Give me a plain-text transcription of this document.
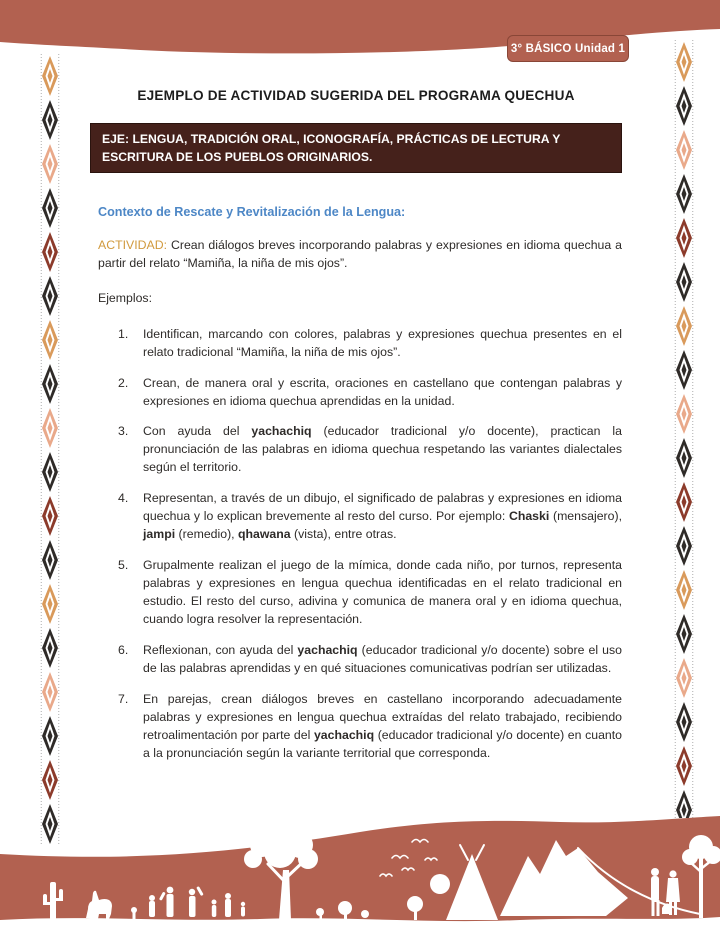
3° BÁSICO Unidad 1
EJEMPLO DE ACTIVIDAD SUGERIDA DEL PROGRAMA QUECHUA
EJE: LENGUA, TRADICIÓN ORAL, ICONOGRAFÍA, PRÁCTICAS DE LECTURA Y ESCRITURA DE LOS PUEBLOS ORIGINARIOS.
Contexto de Rescate y Revitalización de la Lengua:

ACTIVIDAD: Crean diálogos breves incorporando palabras y expresiones en idioma quechua a partir del relato “Mamiña, la niña de mis ojos”.

Ejemplos:

1.	Identifican, marcando con colores, palabras y expresiones quechua presentes en el relato tradicional “Mamiña, la niña de mis ojos”.
2.	Crean, de manera oral y escrita, oraciones en castellano que contengan palabras y expresiones en idioma quechua aprendidas en la unidad.
3.	Con ayuda del yachachiq (educador tradicional y/o docente), practican la pronunciación de las palabras en idioma quechua respetando las variantes dialectales según el territorio.
4.	Representan, a través de un dibujo, el significado de palabras y expresiones en idioma quechua y lo explican brevemente al resto del curso. Por ejemplo: Chaski (mensajero), jampi (remedio), qhawana (vista), entre otras.
5.	Grupalmente realizan el juego de la mímica, donde cada niño, por turnos, representa palabras y expresiones en lengua quechua identificadas en el relato tradicional en estudio. El resto del curso, adivina y comunica de manera oral y en idioma quechua, cuando logra resolver la representación.
6.	Reflexionan, con ayuda del yachachiq (educador tradicional y/o docente) sobre el uso de las palabras aprendidas y en qué situaciones comunicativas podrían ser utilizadas.
7.	En parejas, crean diálogos breves en castellano incorporando adecuadamente palabras y expresiones en lengua quechua extraídas del relato trabajado, recibiendo retroalimentación por parte del yachachiq (educador tradicional y/o docente) en cuanto a la pronunciación según la variante territorial que corresponda.
